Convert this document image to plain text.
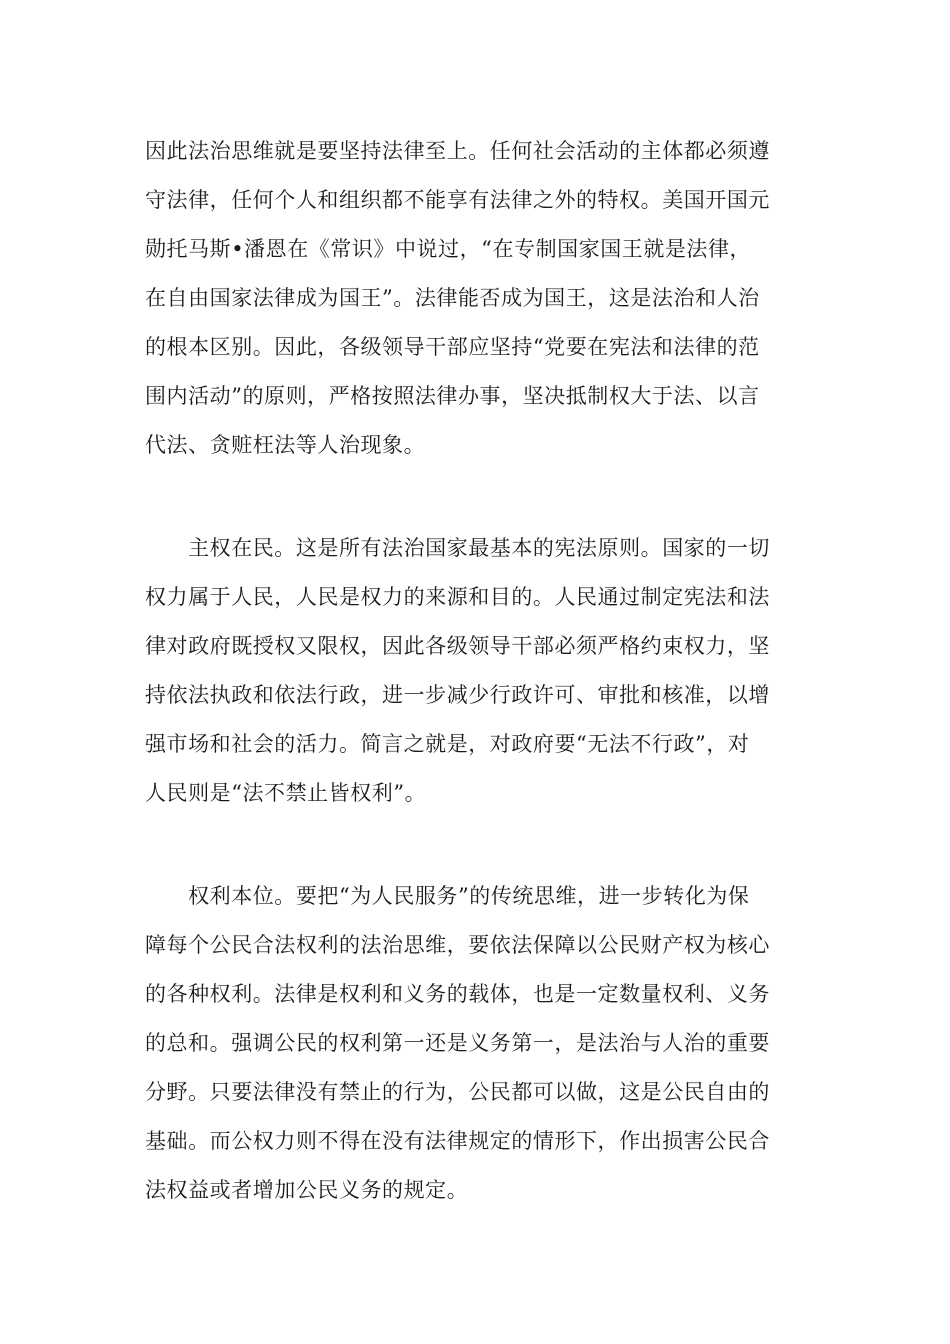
因此法治思维就是要坚持法律至上。任何社会活动的主体都必须遵
守法律，任何个人和组织都不能享有法律之外的特权。美国开国元
勋托马斯•潘恩在《常识》中说过，“在专制国家国王就是法律，
在自由国家法律成为国王”。法律能否成为国王，这是法治和人治
的根本区别。因此，各级领导干部应坚持“党要在宪法和法律的范
围内活动”的原则，严格按照法律办事，坚决抵制权大于法、以言
代法、贪赃枉法等人治现象。

　　主权在民。这是所有法治国家最基本的宪法原则。国家的一切
权力属于人民，人民是权力的来源和目的。人民通过制定宪法和法
律对政府既授权又限权，因此各级领导干部必须严格约束权力，坚
持依法执政和依法行政，进一步减少行政许可、审批和核准，以增
强市场和社会的活力。简言之就是，对政府要“无法不行政”，对
人民则是“法不禁止皆权利”。

　　权利本位。要把“为人民服务”的传统思维，进一步转化为保
障每个公民合法权利的法治思维，要依法保障以公民财产权为核心
的各种权利。法律是权利和义务的载体，也是一定数量权利、义务
的总和。强调公民的权利第一还是义务第一，是法治与人治的重要
分野。只要法律没有禁止的行为，公民都可以做，这是公民自由的
基础。而公权力则不得在没有法律规定的情形下，作出损害公民合
法权益或者增加公民义务的规定。
